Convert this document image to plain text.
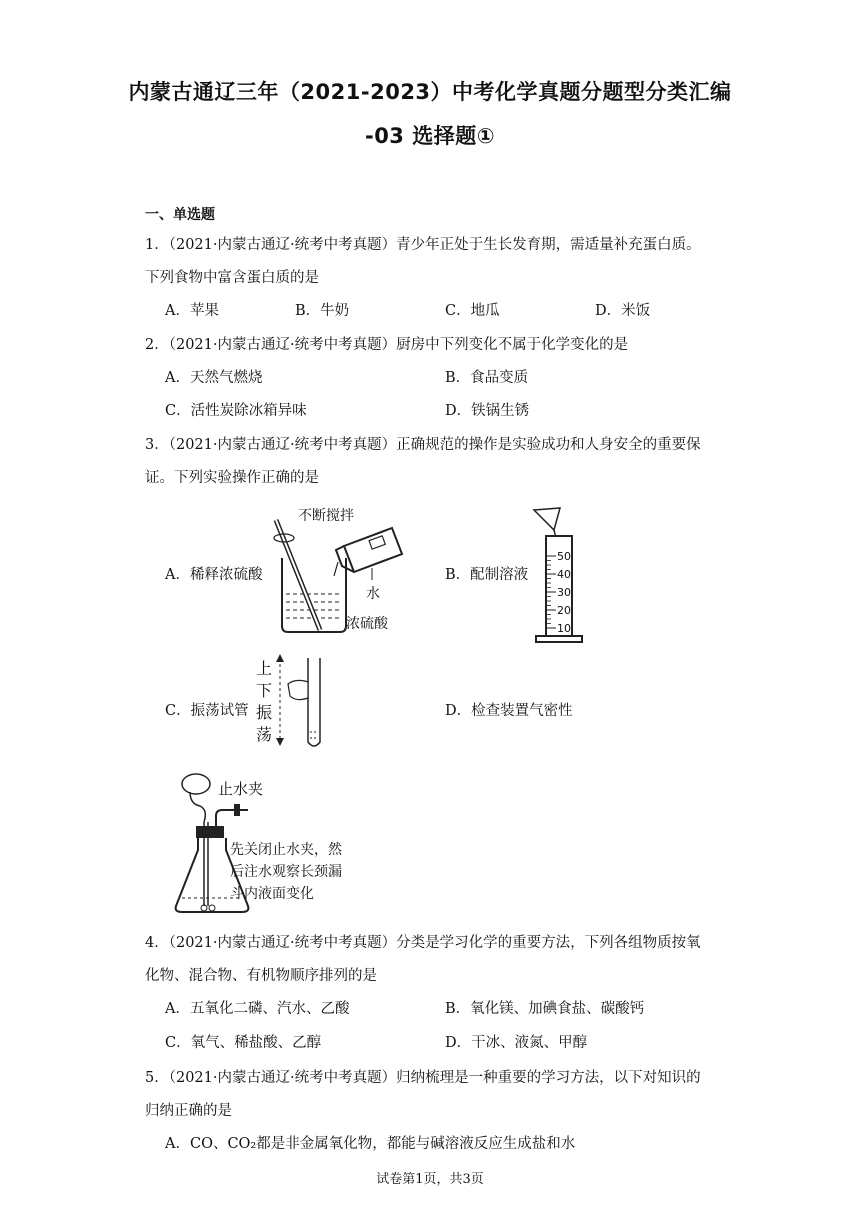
内蒙古通辽三年（2021-2023）中考化学真题分题型分类汇编
-03 选择题①
一、单选题
1．（2021·内蒙古通辽·统考中考真题）青少年正处于生长发育期，需适量补充蛋白质。
下列食物中富含蛋白质的是
A．苹果	B．牛奶	C．地瓜	D．米饭
2．（2021·内蒙古通辽·统考中考真题）厨房中下列变化不属于化学变化的是
A．天然气燃烧	B．食品变质
C．活性炭除冰箱异味	D．铁锅生锈
3．（2021·内蒙古通辽·统考中考真题）正确规范的操作是实验成功和人身安全的重要保
证。下列实验操作正确的是
A．稀释浓硫酸	B．配制溶液
C．振荡试管	D．检查装置气密性
不断搅拌
水
浓硫酸
50
40
30
20
10
上
下
振
荡
止水夹
先关闭止水夹，然
后注水观察长颈漏
斗内液面变化
4．（2021·内蒙古通辽·统考中考真题）分类是学习化学的重要方法，下列各组物质按氧
化物、混合物、有机物顺序排列的是
A．五氧化二磷、汽水、乙酸	B．氧化镁、加碘食盐、碳酸钙
C．氧气、稀盐酸、乙醇	D．干冰、液氮、甲醇
5．（2021·内蒙古通辽·统考中考真题）归纳梳理是一种重要的学习方法，以下对知识的
归纳正确的是
A．CO、CO₂都是非金属氧化物，都能与碱溶液反应生成盐和水
试卷第1页，共3页
